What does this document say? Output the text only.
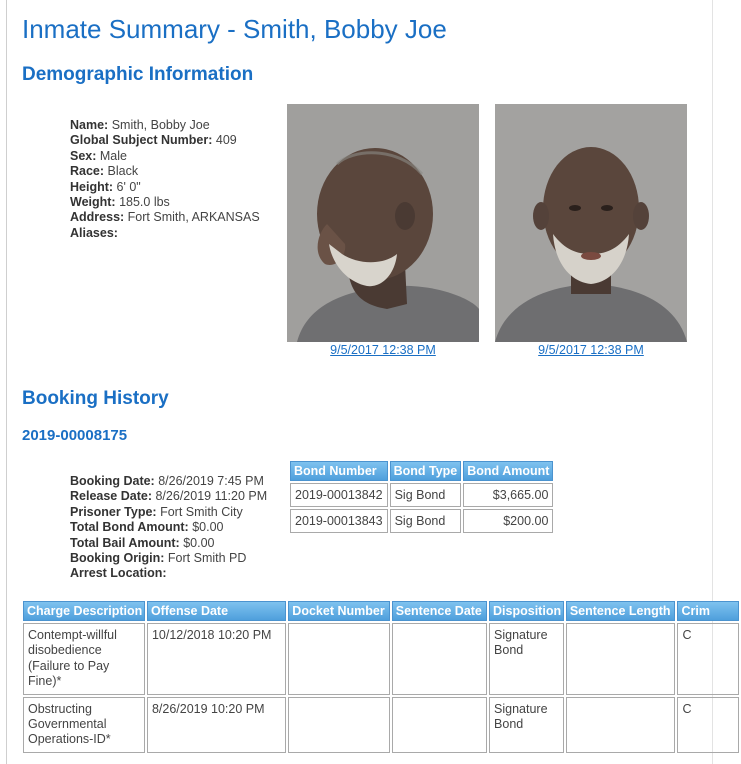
Inmate Summary - Smith, Bobby Joe
Demographic Information
Name: Smith, Bobby Joe
Global Subject Number: 409
Sex: Male
Race: Black
Height: 6' 0"
Weight: 185.0 lbs
Address: Fort Smith, ARKANSAS
Aliases:
9/5/2017 12:38 PM	9/5/2017 12:38 PM
Booking History
2019-00008175
Booking Date: 8/26/2019 7:45 PM
Release Date: 8/26/2019 11:20 PM
Prisoner Type: Fort Smith City
Total Bond Amount: $0.00
Total Bail Amount: $0.00
Booking Origin: Fort Smith PD
Arrest Location:
Bond Number	Bond Type	Bond Amount
2019-00013842	Sig Bond	$3,665.00
2019-00013843	Sig Bond	$200.00
Charge Description	Offense Date	Docket Number	Sentence Date	Disposition	Sentence Length	Crim
Contempt-willful disobedience (Failure to Pay Fine)*	10/12/2018 10:20 PM			Signature Bond		C
Obstructing Governmental Operations-ID*	8/26/2019 10:20 PM			Signature Bond		C
